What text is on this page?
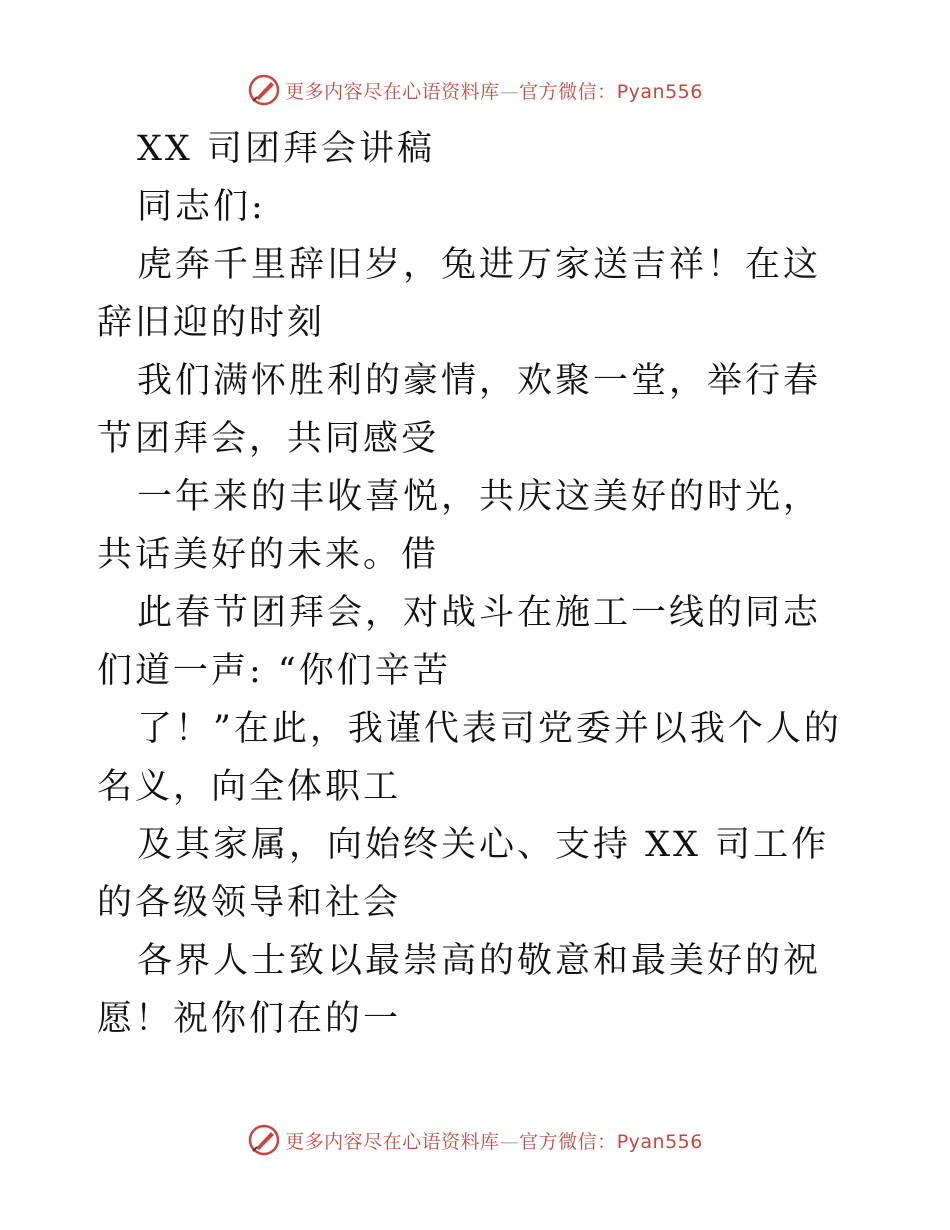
更多内容尽在心语资料库—官方微信：Pyan556

XX 司团拜会讲稿

同志们:

虎奔千里辞旧岁，兔进万家送吉祥！在这辞旧迎的时刻

我们满怀胜利的豪情，欢聚一堂，举行春节团拜会，共同感受

一年来的丰收喜悦，共庆这美好的时光，共话美好的未来。借

此春节团拜会，对战斗在施工一线的同志们道一声: “你们辛苦

了！”在此，我谨代表司党委并以我个人的名义，向全体职工

及其家属，向始终关心、支持 XX 司工作的各级领导和社会

各界人士致以最崇高的敬意和最美好的祝愿！祝你们在的一

更多内容尽在心语资料库—官方微信：Pyan556
